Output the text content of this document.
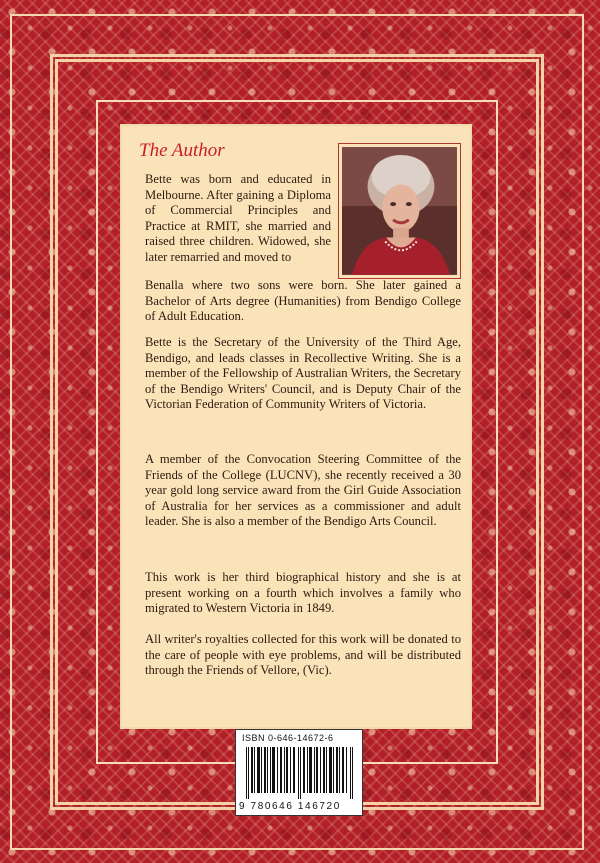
The Author
Bette was born and educated in Melbourne. After gaining a Diploma of Commercial Principles and Practice at RMIT, she married and raised three children. Widowed, she later remarried and moved to
Benalla where two sons were born. She later gained a Bachelor of Arts degree (Humanities) from Bendigo College of Adult Education.
Bette is the Secretary of the University of the Third Age, Bendigo, and leads classes in Recollective Writing. She is a member of the Fellowship of Australian Writers, the Secretary of the Bendigo Writers' Council, and is Deputy Chair of the Victorian Federation of Community Writers of Victoria.
A member of the Convocation Steering Committee of the Friends of the College (LUCNV), she recently received a 30 year gold long service award from the Girl Guide Association of Australia for her services as a commissioner and adult leader. She is also a member of the Bendigo Arts Council.
This work is her third biographical history and she is at present working on a fourth which involves a family who migrated to Western Victoria in 1849.
All writer's royalties collected for this work will be donated to the care of people with eye problems, and will be distributed through the Friends of Vellore, (Vic).
ISBN 0-646-14672-6
9 780646 146720
